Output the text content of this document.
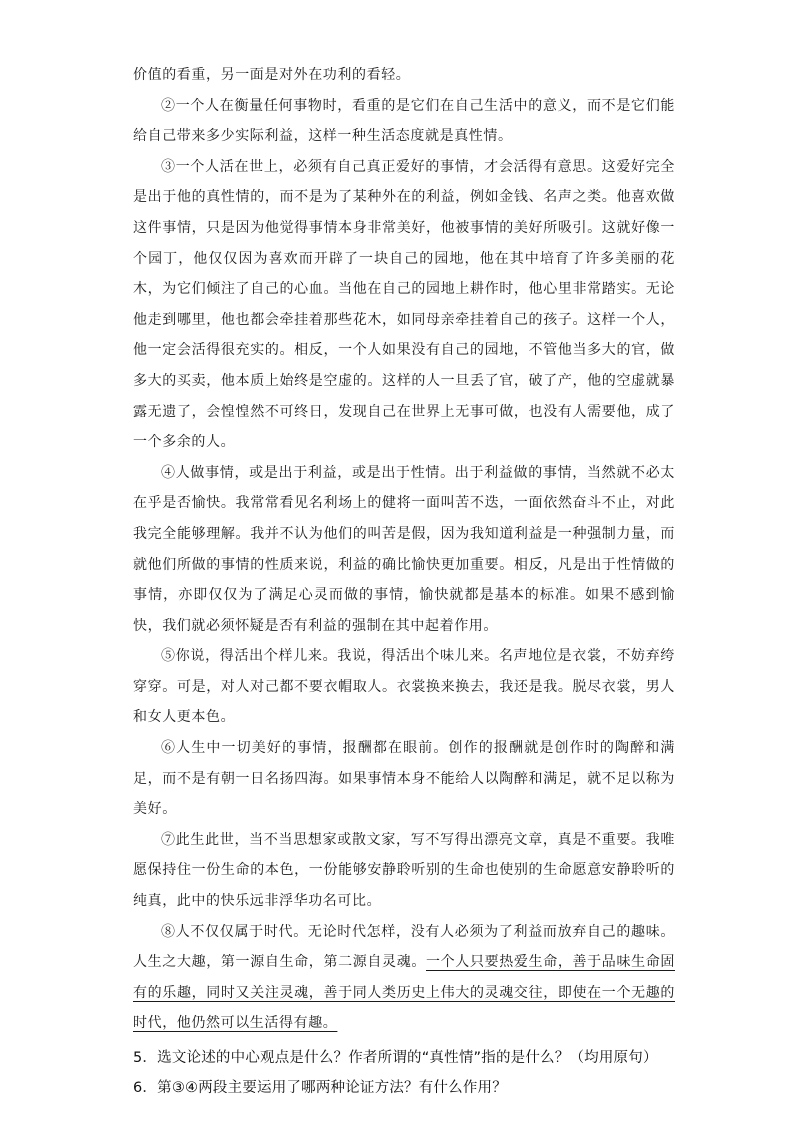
价值的看重，另一面是对外在功利的看轻。

②一个人在衡量任何事物时，看重的是它们在自己生活中的意义，而不是它们能给自己带来多少实际利益，这样一种生活态度就是真性情。

③一个人活在世上，必须有自己真正爱好的事情，才会活得有意思。这爱好完全是出于他的真性情的，而不是为了某种外在的利益，例如金钱、名声之类。他喜欢做这件事情，只是因为他觉得事情本身非常美好，他被事情的美好所吸引。这就好像一个园丁，他仅仅因为喜欢而开辟了一块自己的园地，他在其中培育了许多美丽的花木，为它们倾注了自己的心血。当他在自己的园地上耕作时，他心里非常踏实。无论他走到哪里，他也都会牵挂着那些花木，如同母亲牵挂着自己的孩子。这样一个人，他一定会活得很充实的。相反，一个人如果没有自己的园地，不管他当多大的官，做多大的买卖，他本质上始终是空虚的。这样的人一旦丢了官，破了产，他的空虚就暴露无遗了，会惶惶然不可终日，发现自己在世界上无事可做，也没有人需要他，成了一个多余的人。

④人做事情，或是出于利益，或是出于性情。出于利益做的事情，当然就不必太在乎是否愉快。我常常看见名利场上的健将一面叫苦不迭，一面依然奋斗不止，对此我完全能够理解。我并不认为他们的叫苦是假，因为我知道利益是一种强制力量，而就他们所做的事情的性质来说，利益的确比愉快更加重要。相反，凡是出于性情做的事情，亦即仅仅为了满足心灵而做的事情，愉快就都是基本的标准。如果不感到愉快，我们就必须怀疑是否有利益的强制在其中起着作用。

⑤你说，得活出个样儿来。我说，得活出个味儿来。名声地位是衣裳，不妨弃绔穿穿。可是，对人对己都不要衣帽取人。衣裳换来换去，我还是我。脱尽衣裳，男人和女人更本色。

⑥人生中一切美好的事情，报酬都在眼前。创作的报酬就是创作时的陶醉和满足，而不是有朝一日名扬四海。如果事情本身不能给人以陶醉和满足，就不足以称为美好。

⑦此生此世，当不当思想家或散文家，写不写得出漂亮文章，真是不重要。我唯愿保持住一份生命的本色，一份能够安静聆听别的生命也使别的生命愿意安静聆听的纯真，此中的快乐远非浮华功名可比。

⑧人不仅仅属于时代。无论时代怎样，没有人必须为了利益而放弃自己的趣味。人生之大趣，第一源自生命，第二源自灵魂。一个人只要热爱生命，善于品味生命固有的乐趣，同时又关注灵魂，善于同人类历史上伟大的灵魂交往，即使在一个无趣的时代，他仍然可以生活得有趣。

5．选文论述的中心观点是什么？作者所谓的“真性情”指的是什么？（均用原句）

6．第③④两段主要运用了哪两种论证方法？有什么作用？
